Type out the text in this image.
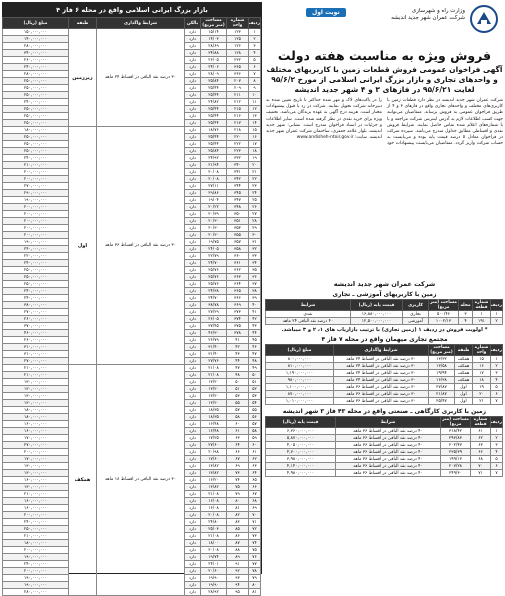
بازار بزرگ ایرانی اسلامی واقع در محله ۶ فاز ۴
ردیف	شماره واحد	مساحت (متر مربع)	بالکن	شرایط واگذاری	طبقه	مبلغ (ریال)
۱	۱۲۳	۱۵/۱۴	دارد	۳۰ درصد نقد الباقی در اقساط ۲۴ ماهه	زیرزمین	۱۵۰,۰۰۰,۰۰۰
۲	۱۲۵	۱۴/۰۳	دارد			۱۴۰,۰۰۰,۰۰۰
۳	۱۲۶	۲۸/۶۹	دارد			۲۸۰,۰۰۰,۰۰۰
۴	۱۲۸	۳۴/۸۸	دارد			۳۴۰,۰۰۰,۰۰۰
۵	۲۳۲	۲۶/۰۵	دارد			۲۶۰,۰۰۰,۰۰۰
۶	۳۶۵	۲۴/۰۶	دارد			۲۴۰,۰۰۰,۰۰۰
۷	۳۶۶	۲۸/۰۹	دارد			۲۸۰,۰۰۰,۰۰۰
۸	۲۰۷	۲۵/۸۴	دارد			۲۵۰,۰۰۰,۰۰۰
۹	۲۰۹	۲۵/۴۴	دارد			۲۵۰,۰۰۰,۰۰۰
۱۰	۲۱۱	۲۵/۴۴	دارد			۲۵۰,۰۰۰,۰۰۰
۱۱	۲۱۲	۲۴/۸۲	دارد			۲۴۰,۰۰۰,۰۰۰
۱۲	۲۱۵	۲۵/۴۴	دارد			۲۵۰,۰۰۰,۰۰۰
۱۳	۲۱۶	۲۵/۴۴	دارد			۲۵۰,۰۰۰,۰۰۰
۱۴	۲۱۷	۲۵/۴۴	دارد			۲۵۰,۰۰۰,۰۰۰
۱۵	۲۱۸	۱۸/۷۶	دارد	۳۰ درصد نقد الباقی در اقساط ۳۶ ماهه	اول	۱۸۰,۰۰۰,۰۰۰
۱۶	۲۲۰	۲۵/۴۴	دارد			۲۵۰,۰۰۰,۰۰۰
۱۷	۲۲۲	۲۵/۴۴	دارد			۲۵۰,۰۰۰,۰۰۰
۱۸	۲۲۳	۲۵/۸۴	دارد			۲۵۰,۰۰۰,۰۰۰
۱۹	۳۳۲	۲۴/۹۲	دارد			۲۴۰,۰۰۰,۰۰۰
۲۰	۳۴۰	۲۱/۹۴	دارد			۲۱۰,۰۰۰,۰۰۰
۲۱	۳۴۱	۲۰/۰۸	دارد			۲۰۰,۰۰۰,۰۰۰
۲۲	۳۴۲	۲۰/۰۸	دارد			۲۰۰,۰۰۰,۰۰۰
۲۳	۳۴۴	۲۷/۱۱	دارد			۲۷۰,۰۰۰,۰۰۰
۲۴	۳۴۵	۲۹/۸۶	دارد			۲۹۰,۰۰۰,۰۰۰
۲۵	۳۴۷	۱۹/۰۴	دارد			۱۹۰,۰۰۰,۰۰۰
۲۶	۳۴۸	۲۰/۲۲	دارد			۲۰۰,۰۰۰,۰۰۰
۲۷	۳۵۰	۲۰/۳۹	دارد			۲۰۰,۰۰۰,۰۰۰
۲۸	۳۵۱	۲۰/۳۰	دارد			۲۰۰,۰۰۰,۰۰۰
۲۹	۳۵۳	۲۰/۳۰	دارد			۲۰۰,۰۰۰,۰۰۰
۳۰	۳۵۵	۲۰/۳۰	دارد			۲۰۰,۰۰۰,۰۰۰
۳۱	۳۵۷	۱۹/۷۵	دارد			۱۹۰,۰۰۰,۰۰۰
۳۲	۳۵۸	۲۴/۰۵	دارد			۲۴۰,۰۰۰,۰۰۰
۳۳	۳۶۰	۲۲/۷۹	دارد			۲۲۰,۰۰۰,۰۰۰
۳۴	۳۶۱	۲۴/۷۰	دارد			۲۴۰,۰۰۰,۰۰۰
۳۵	۳۶۲	۲۵/۷۶	دارد			۲۵۰,۰۰۰,۰۰۰
۳۶	۳۶۳	۲۵/۷۶	دارد			۲۵۰,۰۰۰,۰۰۰
۳۷	۳۶۴	۲۵/۷۶	دارد			۲۵۰,۰۰۰,۰۰۰
۳۸	۳۶۵	۲۴/۳۸	دارد			۲۴۰,۰۰۰,۰۰۰
۳۹	۳۶۶	۲۴/۷۰	دارد			۲۴۰,۰۰۰,۰۰۰
۴۰	۳۶۹	۳۸/۷۸	دارد			۳۸۰,۰۰۰,۰۰۰
۴۱	۳۷۳	۲۷/۲۹	دارد			۲۷۰,۰۰۰,۰۰۰
۴۲	۳۷۴	۲۶/۰۵	دارد			۲۶۰,۰۰۰,۰۰۰
۴۳	۳۷۵	۳۷/۴۵	دارد			۳۷۰,۰۰۰,۰۰۰
۴۴	۳۷۸	۴۶/۳۰	دارد			۴۶۰,۰۰۰,۰۰۰
۴۵	۴۱	۲۶/۷۹	دارد			۲۶۰,۰۰۰,۰۰۰
۴۶	۴۲	۳۱/۴۰	دارد			۳۱۰,۰۰۰,۰۰۰
۴۷	۴۳	۳۱/۴۰	دارد			۳۱۰,۰۰۰,۰۰۰
۴۸	۴۴	۲۷/۷۶	دارد			۲۷۰,۰۰۰,۰۰۰
۴۹	۴۷	۲۱/۰۸	دارد	۳۰ درصد نقد الباقی در اقساط ۱۸ ماهه	همکف	۲۱۰,۰۰۰,۰۰۰
۵۰	۴۸	۲۱/۰۸	دارد			۲۱۰,۰۰۰,۰۰۰
۵۱	۵۰	۱۳/۲۰	دارد			۱۳۰,۰۰۰,۰۰۰
۵۲	۵۱	۱۳/۲۰	دارد			۱۳۰,۰۰۰,۰۰۰
۵۳	۵۳	۱۳/۲۰	دارد			۱۳۰,۰۰۰,۰۰۰
۵۴	۵۵	۱۳/۲۰	دارد			۱۳۰,۰۰۰,۰۰۰
۵۵	۵۷	۱۸/۳۵	دارد			۱۸۰,۰۰۰,۰۰۰
۵۶	۵۸	۱۸/۳۵	دارد			۱۸۰,۰۰۰,۰۰۰
۵۷	۶۰	۱۶/۴۸	دارد			۱۶۰,۰۰۰,۰۰۰
۵۸	۶۱	۱۶/۴۸	دارد			۱۶۰,۰۰۰,۰۰۰
۵۹	۶۳	۱۷/۲۵	دارد			۱۷۰,۰۰۰,۰۰۰
۶۰	۶۴	۲۷/۶۰	دارد			۲۷۰,۰۰۰,۰۰۰
۶۱	۶۶	۲۰/۹۸	دارد			۲۰۰,۰۰۰,۰۰۰
۶۲	۶۷	۱۷/۶۰	دارد			۱۷۰,۰۰۰,۰۰۰
۶۳	۶۹	۱۳/۸۲	دارد			۱۳۰,۰۰۰,۰۰۰
۶۴	۷۳	۱۳/۸۲	دارد			۱۳۰,۰۰۰,۰۰۰
۶۵	۷۴	۱۶/۲۰	دارد			۱۶۰,۰۰۰,۰۰۰
۶۶	۷۵	۱۳/۸۲	دارد			۱۳۰,۰۰۰,۰۰۰
۶۷	۷۹	۲۱/۰۸	دارد			۲۱۰,۰۰۰,۰۰۰
۶۸	۸۰	۱۶/۰۸	دارد			۱۶۰,۰۰۰,۰۰۰
۶۹	۸۱	۱۶/۰۸	دارد			۱۶۰,۰۰۰,۰۰۰
۷۰	۸۲	۲۰/۰۸	دارد			۲۰۰,۰۰۰,۰۰۰
۷۱	۸۳	۲۴/۸۰	دارد			۲۴۰,۰۰۰,۰۰۰
۷۲	۸۵	۲۵/۰۳	دارد			۲۵۰,۰۰۰,۰۰۰
۷۳	۸۶	۲۱/۰۸	دارد			۲۱۰,۰۰۰,۰۰۰
۷۴	۸۷	۱۸/۰۰	دارد			۱۸۰,۰۰۰,۰۰۰
۷۵	۸۸	۲۰/۰۸	دارد			۲۰۰,۰۰۰,۰۰۰
۷۶	۸۹	۱۹/۷۴	دارد			۱۹۰,۰۰۰,۰۰۰
۷۷	۹۱	۲۴/۰۱	دارد			۲۴۰,۰۰۰,۰۰۰
۷۸	۹۲	۲۰/۶۰	دارد			۲۰۰,۰۰۰,۰۰۰
۷۹	۹۳	۱۹/۹۰	دارد			۱۹۰,۰۰۰,۰۰۰
۸۰	۹۴	۱۹/۹۰	دارد			۱۹۰,۰۰۰,۰۰۰
۸۱	۹۵	۲۸/۹۲	دارد			۲۸۰,۰۰۰,۰۰۰
وزارت راه و شهرسازی
شرکت عمران شهر جدید اندیشه
نوبت اول
فروش ویژه به مناسبت هفته دولت
آگهی فراخوان عمومی فروش قطعات زمین با کاربریهای مختلف و واحدهای تجاری و بازار بزرگ ایرانی اسلامی از مورخ ۹۵/۶/۲ لغایت ۹۵/۶/۲۱ در فازهای ۳ و ۴ شهر جدید اندیشه
شرکت عمران شهر جدید اندیشه در نظر دارد قطعات زمین با کاربری‌های مختلف و واحدهای تجاری واقع در فازهای ۳ و ۴ از طریق فراخوان عمومی به فروش برساند. متقاضیان می‌توانند جهت کسب اطلاعات لازم به آدرس اینترنتی شرکت مراجعه و یا با شماره‌های اعلام شده تماس حاصل نمایند. شرایط فروش نقدی و اقساطی مطابق جداول مندرج می‌باشد. سپرده شرکت در فراخوان معادل ۵ درصد قیمت پایه بوده و می‌بایست به حساب شرکت واریز گردد. متقاضیان می‌بایست پیشنهادات خود را در پاکت‌های لاک و مهر شده حداکثر تا تاریخ تعیین شده به دبیرخانه شرکت تحویل نمایند. شرکت در رد یا قبول پیشنهادات مختار است. هزینه درج آگهی به عهده برندگان می‌باشد. تخفیف ویژه برای خرید نقدی در نظر گرفته شده است. سایر اطلاعات و جزئیات در اسناد فراخوان مندرج است. نشانی: شهر جدید اندیشه، بلوار علامه جعفری، ساختمان شرکت عمران شهر جدید اندیشه. سایت: www.andisheh-ntoir.gov.ir
شرکت عمران شهر جدید اندیشه
زمین با کاربریهای آموزشی ـ تجاری
ردیف	شماره قطعه	محله	مساحت (متر مربع)	کاربری	قیمت پایه (ریال)	شرایط
۱	۱	۳	۵۰۰/۴۶	تجاری	۱۶,۸۸۰,۰۰۰,۰۰۰	نقدی
۲	۱۹۱	۴	۱۰۰۲/۱۳	آموزشی	۱۲,۵۰۰,۰۰۰,۰۰۰	۴۰ درصد نقد الباقی ۲۴ ماهه
* اولویت فروش در ردیف ۱ (زمین تجاری) با ترتیب بازاریاب های ۱، ۲ و ۳ میباشد.
مجتمع تجاری میهمان واقع در محله ۷ فاز ۴
ردیف	شماره واحد	طبقه	مساحت (متر مربع)	شرایط واگذاری	مبلغ (ریال)
۱	۱۵	همکف	۱۳/۳۲	۳۰ درصد نقد الباقی در اقساط ۲۴ ماهه	۸۰۰,۰۰۰,۰۰۰
۲	۱۶	همکف	۱۳/۵۸	۳۰ درصد نقد الباقی در اقساط ۲۴ ماهه	۸۱۰,۰۰۰,۰۰۰
۳	۱۷	همکف	۱۹/۹۴	۳۰ درصد نقد الباقی در اقساط ۲۴ ماهه	۱,۱۹۰,۰۰۰,۰۰۰
۴	۱۸	همکف	۱۶/۳۸	۳۰ درصد نقد الباقی در اقساط ۲۴ ماهه	۹۸۰,۰۰۰,۰۰۰
۵	۱۹	اول	۲۷/۸۷	۳۰ درصد نقد الباقی در اقساط ۳۶ ماهه	۱,۱۰۰,۰۰۰,۰۰۰
۶	۲۰	اول	۲۱/۸۷	۳۰ درصد نقد الباقی در اقساط ۳۶ ماهه	۸۷۰,۰۰۰,۰۰۰
۷	۲۱	اول	۲۵/۴۷	۳۰ درصد نقد الباقی در اقساط ۳۶ ماهه	۱,۰۱۰,۰۰۰,۰۰۰
زمین با کاربری کارگاهی ـ صنعتی واقع در محله ۴۳ فاز ۳ شهر اندیشه
ردیف	شماره قطعه	مساحت (متر مربع)	شرایط	قیمت پایه (ریال)
۱	۶۱	۳۱۸/۴۲	۴۰ درصد نقد الباقی در اقساط ۳۶ ماهه	۶,۳۶۰,۰۰۰,۰۰۰
۲	۶۲	۲۹۳/۸۳	۴۰ درصد نقد الباقی در اقساط ۳۶ ماهه	۵,۸۷۰,۰۰۰,۰۰۰
۳	۶۳	۲۰۲/۴۷	۴۰ درصد نقد الباقی در اقساط ۳۶ ماهه	۴,۰۵۰,۰۰۰,۰۰۰
۴	۶۶	۲۳۵/۳۹	۴۰ درصد نقد الباقی در اقساط ۳۶ ماهه	۴,۷۰۰,۰۰۰,۰۰۰
۵	۶۸	۱۹۹/۱۳	۴۰ درصد نقد الباقی در اقساط ۳۶ ماهه	۳,۹۸۰,۰۰۰,۰۰۰
۶	۷۰	۲۰۷/۲۸	۴۰ درصد نقد الباقی در اقساط ۳۶ ماهه	۴,۱۴۰,۰۰۰,۰۰۰
۷	۷۱	۲۴۹/۳۰	۴۰ درصد نقد الباقی در اقساط ۳۶ ماهه	۴,۹۸۰,۰۰۰,۰۰۰
